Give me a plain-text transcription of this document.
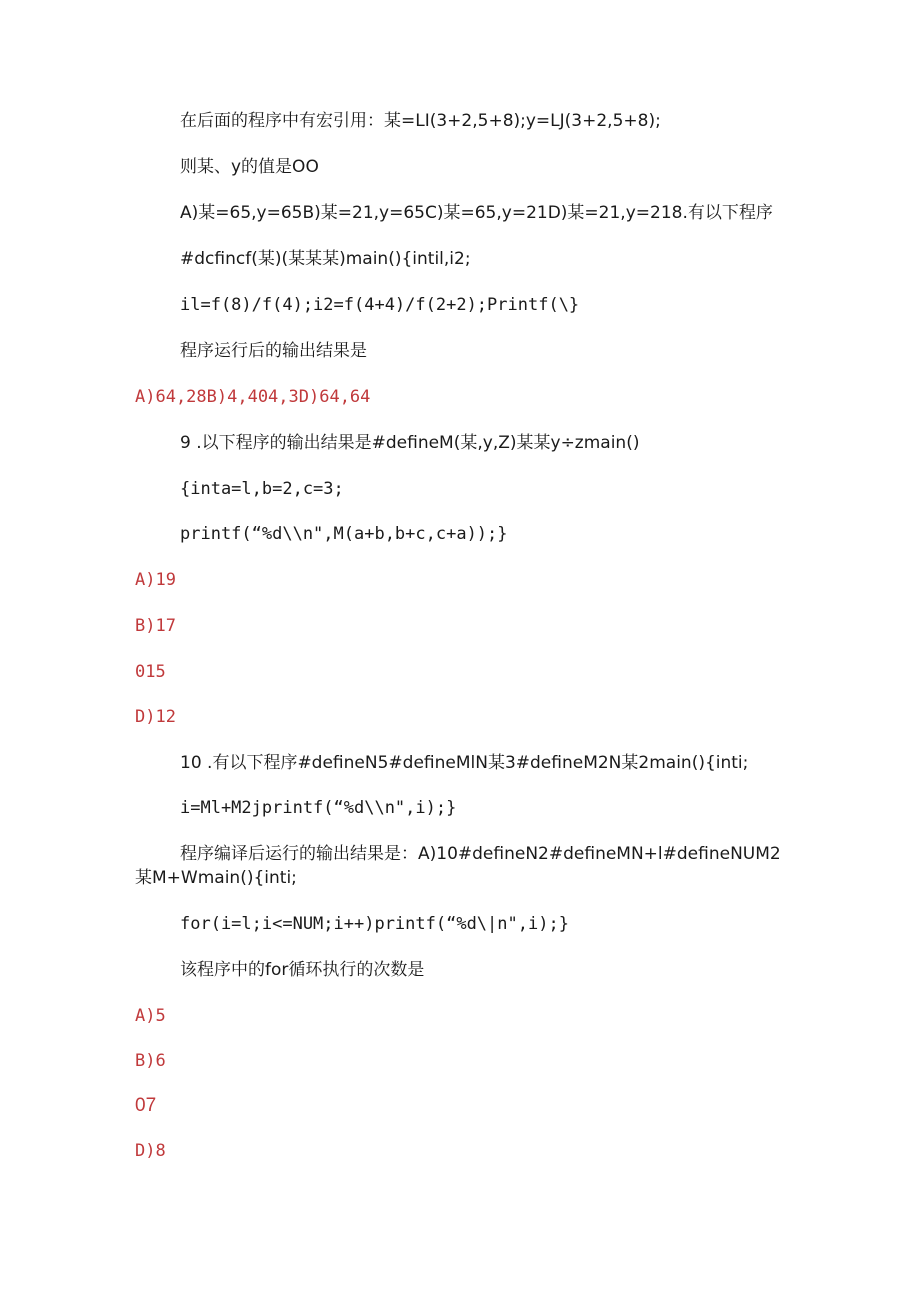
在后面的程序中有宏引用：某=LI(3+2,5+8);y=LJ(3+2,5+8);
则某、y的值是OO
A)某=65,y=65B)某=21,y=65C)某=65,y=21D)某=21,y=218.有以下程序
#dcfincf(某)(某某某)main(){intil,i2;
il=f(8)/f(4);i2=f(4+4)/f(2+2);Printf(\}
程序运行后的输出结果是
A)64,28B)4,404,3D)64,64
9 .以下程序的输出结果是#defineM(某,y,Z)某某y÷zmain()
{inta=l,b=2,c=3;
printf(“%d\\n",M(a+b,b+c,c+a));}
A)19
B)17
015
D)12
10 .有以下程序#defineN5#defineMlN某3#defineM2N某2main(){inti;
i=Ml+M2jprintf(“%d\\n",i);}
程序编译后运行的输出结果是：A)10#defineN2#defineMN+l#defineNUM2
某M+Wmain(){inti;
for(i=l;i<=NUM;i++)printf(“%d\|n",i);}
该程序中的for循环执行的次数是
A)5
B)6
07
D)8
